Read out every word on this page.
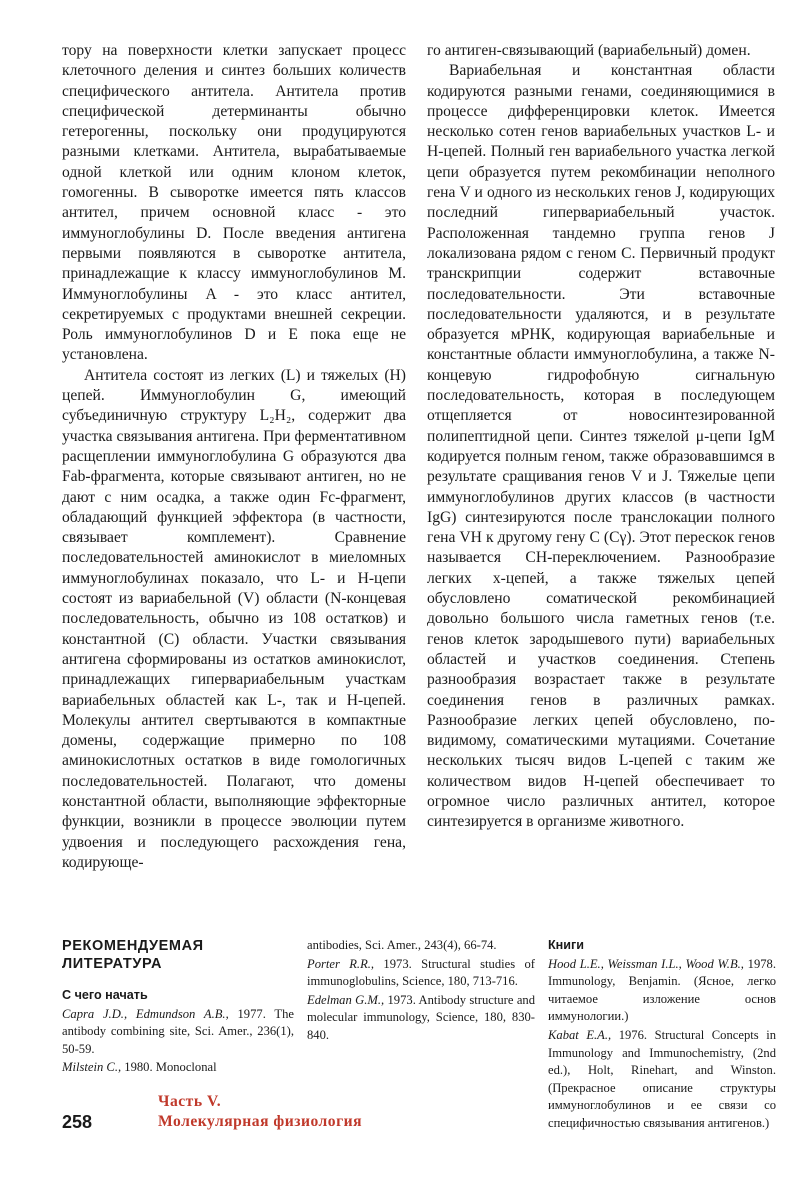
тору на поверхности клетки запускает процесс клеточного деления и синтез больших количеств специфического антитела. Антитела против специфической детерминанты обычно гетерогенны, поскольку они продуцируются разными клетками. Антитела, вырабатываемые одной клеткой или одним клоном клеток, гомогенны. В сыворотке имеется пять классов антител, причем основной класс - это иммуноглобулины D. После введения антигена первыми появляются в сыворотке антитела, принадлежащие к классу иммуноглобулинов M. Иммуноглобулины A - это класс антител, секретируемых с продуктами внешней секреции. Роль иммуноглобулинов D и E пока еще не установлена.

Антитела состоят из легких (L) и тяжелых (H) цепей. Иммуноглобулин G, имеющий субъединичную структуру L₂H₂, содержит два участка связывания антигена. При ферментативном расщеплении иммуноглобулина G образуются два Fab-фрагмента, которые связывают антиген, но не дают с ним осадка, а также один Fc-фрагмент, обладающий функцией эффектора (в частности, связывает комплемент). Сравнение последовательностей аминокислот в миеломных иммуноглобулинах показало, что L- и H-цепи состоят из вариабельной (V) области (N-концевая последовательность, обычно из 108 остатков) и константной (C) области. Участки связывания антигена сформированы из остатков аминокислот, принадлежащих гипервариабельным участкам вариабельных областей как L-, так и H-цепей. Молекулы антител свертываются в компактные домены, содержащие примерно по 108 аминокислотных остатков в виде гомологичных последовательностей. Полагают, что домены константной области, выполняющие эффекторные функции, возникли в процессе эволюции путем удвоения и последующего расхождения гена, кодирующе-

го антиген-связывающий (вариабельный) домен.

Вариабельная и константная области кодируются разными генами, соединяющимися в процессе дифференцировки клеток. Имеется несколько сотен генов вариабельных участков L- и H-цепей. Полный ген вариабельного участка легкой цепи образуется путем рекомбинации неполного гена V и одного из нескольких генов J, кодирующих последний гипервариабельный участок. Расположенная тандемно группа генов J локализована рядом с геном C. Первичный продукт транскрипции содержит вставочные последовательности. Эти вставочные последовательности удаляются, и в результате образуется мРНК, кодирующая вариабельные и константные области иммуноглобулина, а также N-концевую гидрофобную сигнальную последовательность, которая в последующем отщепляется от новосинтезированной полипептидной цепи. Синтез тяжелой μ-цепи IgM кодируется полным геном, также образовавшимся в результате сращивания генов V и J. Тяжелые цепи иммуноглобулинов других классов (в частности IgG) синтезируются после транслокации полного гена VH к другому гену C (Cγ). Этот перескок генов называется CH-переключением. Разнообразие легких x-цепей, а также тяжелых цепей обусловлено соматической рекомбинацией довольно большого числа гаметных генов (т.е. генов клеток зародышевого пути) вариабельных областей и участков соединения. Степень разнообразия возрастает также в результате соединения генов в различных рамках. Разнообразие легких цепей обусловлено, по-видимому, соматическими мутациями. Сочетание нескольких тысяч видов L-цепей с таким же количеством видов H-цепей обеспечивает то огромное число различных антител, которое синтезируется в организме животного.

РЕКОМЕНДУЕМАЯ ЛИТЕРАТУРА
С чего начать

Capra J.D., Edmundson A.B., 1977. The antibody combining site, Sci. Amer., 236(1), 50-59.

Milstein C., 1980. Monoclonal

antibodies, Sci. Amer., 243(4), 66-74.

Porter R.R., 1973. Structural studies of immunoglobulins, Science, 180, 713-716.

Edelman G.M., 1973. Antibody structure and molecular immunology, Science, 180, 830-840.

Книги

Hood L.E., Weissman I.L., Wood W.B., 1978. Immunology, Benjamin. (Ясное, легко читаемое изложение основ иммунологии.)

Kabat E.A., 1976. Structural Concepts in Immunology and Immunochemistry, (2nd ed.), Holt, Rinehart, and Winston. (Прекрасное описание структуры иммуноглобулинов и ее связи со специфичностью связывания антигенов.)

258
Часть V.
Молекулярная физиология
